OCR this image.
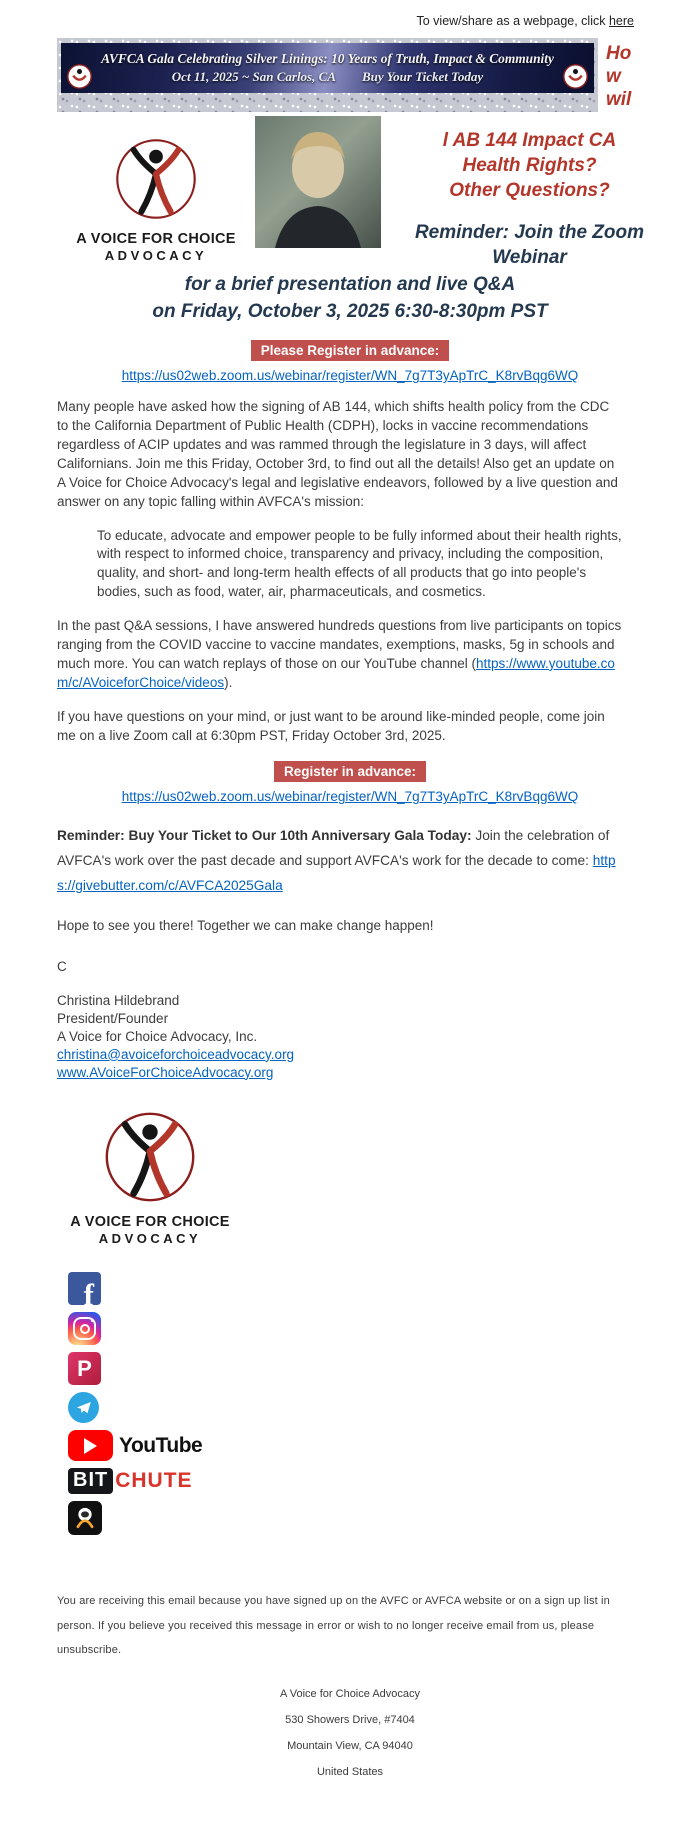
To view/share as a webpage, click here
AVFCA Gala Celebrating Silver Linings: 10 Years of Truth, Impact & Community
Oct 11, 2025 ~ San Carlos, CA Buy Your Ticket Today
How wil
A VOICE FOR CHOICE
ADVOCACY
l AB 144 Impact CA
Health Rights?
Other Questions?
Reminder: Join the Zoom
Webinar
for a brief presentation and live Q&A
on Friday, October 3, 2025 6:30-8:30pm PST
Please Register in advance:
https://us02web.zoom.us/webinar/register/WN_7g7T3yApTrC_K8rvBqg6WQ
Many people have asked how the signing of AB 144, which shifts health policy from the CDC to the California Department of Public Health (CDPH), locks in vaccine recommendations regardless of ACIP updates and was rammed through the legislature in 3 days, will affect Californians. Join me this Friday, October 3rd, to find out all the details! Also get an update on A Voice for Choice Advocacy's legal and legislative endeavors, followed by a live question and answer on any topic falling within AVFCA's mission:
To educate, advocate and empower people to be fully informed about their health rights, with respect to informed choice, transparency and privacy, including the composition, quality, and short- and long-term health effects of all products that go into people's bodies, such as food, water, air, pharmaceuticals, and cosmetics.
In the past Q&A sessions, I have answered hundreds questions from live participants on topics ranging from the COVID vaccine to vaccine mandates, exemptions, masks, 5g in schools and much more. You can watch replays of those on our YouTube channel (https://www.youtube.com/c/AVoiceforChoice/videos).
If you have questions on your mind, or just want to be around like-minded people, come join me on a live Zoom call at 6:30pm PST, Friday October 3rd, 2025.
Register in advance:
https://us02web.zoom.us/webinar/register/WN_7g7T3yApTrC_K8rvBqg6WQ
Reminder: Buy Your Ticket to Our 10th Anniversary Gala Today: Join the celebration of AVFCA's work over the past decade and support AVFCA's work for the decade to come: https://givebutter.com/c/AVFCA2025Gala
Hope to see you there! Together we can make change happen!
C
Christina Hildebrand
President/Founder
A Voice for Choice Advocacy, Inc.
christina@avoiceforchoiceadvocacy.org
www.AVoiceForChoiceAdvocacy.org
A VOICE FOR CHOICE
ADVOCACY
f
P
YouTube
BIT CHUTE
You are receiving this email because you have signed up on the AVFC or AVFCA website or on a sign up list in person. If you believe you received this message in error or wish to no longer receive email from us, please unsubscribe.
A Voice for Choice Advocacy
530 Showers Drive, #7404
Mountain View, CA 94040
United States
